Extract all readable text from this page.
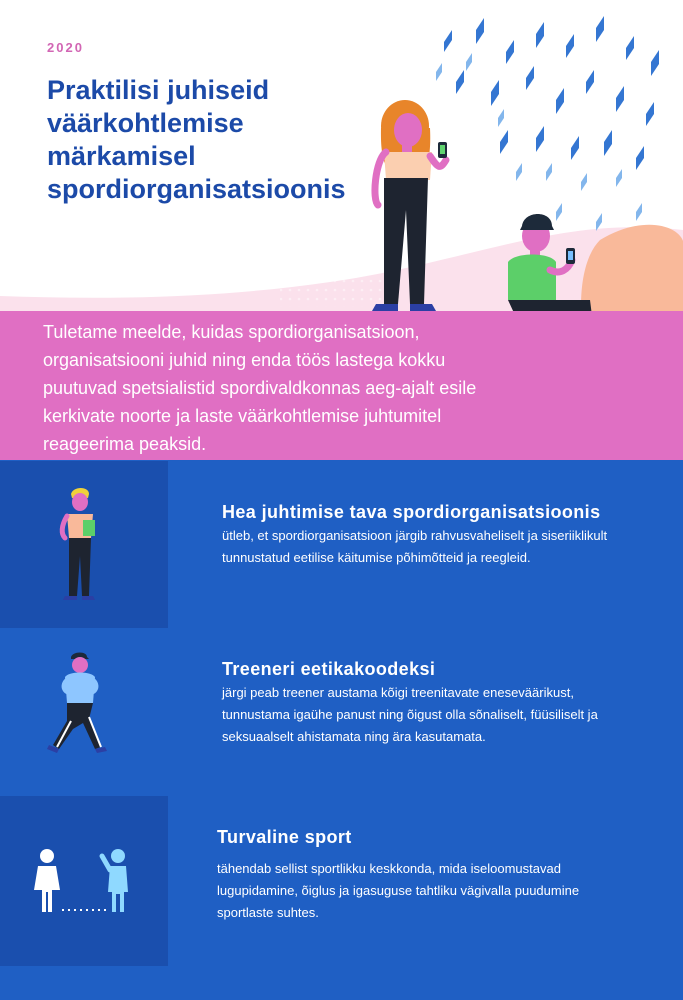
2020
Praktilisi juhiseid väärkohtlemise märkamisel spordiorganisatsioonis

Tuletame meelde, kuidas spordiorganisatsioon, organisatsiooni juhid ning enda töös lastega kokku puutuvad spetsialistid spordivaldkonnas aeg-ajalt esile kerkivate noorte ja laste väärkohtlemise juhtumitel reageerima peaksid.

Hea juhtimise tava spordiorganisatsioonis

ütleb, et spordiorganisatsioon järgib rahvusvaheliselt ja siseriiklikult tunnustatud eetilise käitumise põhimõtteid ja reegleid.

Treeneri eetikakoodeksi

järgi peab treener austama kõigi treenitavate eneseväärikust, tunnustama igaühe panust ning õigust olla sõnaliselt, füüsiliselt ja seksuaalselt ahistamata ning ära kasutamata.

Turvaline sport

tähendab sellist sportlikku keskkonda, mida iseloomustavad lugupidamine, õiglus ja igasuguse tahtliku vägivalla puudumine sportlaste suhtes.
